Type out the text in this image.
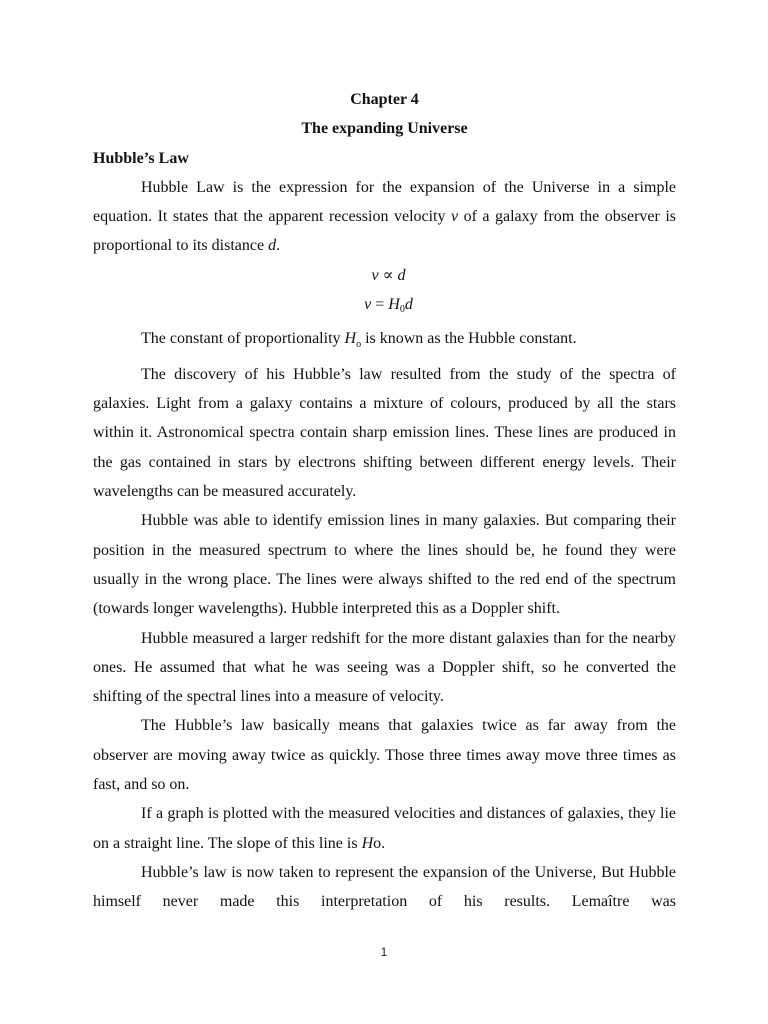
Chapter 4
The expanding Universe
Hubble’s Law

Hubble Law is the expression for the expansion of the Universe in a simple equation. It states that the apparent recession velocity v of a galaxy from the observer is proportional to its distance d.

v ∝ d
$v = H_0d$

The constant of proportionality $H_o$ is known as the Hubble constant.

The discovery of his Hubble’s law resulted from the study of the spectra of galaxies. Light from a galaxy contains a mixture of colours, produced by all the stars within it. Astronomical spectra contain sharp emission lines. These lines are produced in the gas contained in stars by electrons shifting between different energy levels. Their wavelengths can be measured accurately.

Hubble was able to identify emission lines in many galaxies. But comparing their position in the measured spectrum to where the lines should be, he found they were usually in the wrong place. The lines were always shifted to the red end of the spectrum (towards longer wavelengths). Hubble interpreted this as a Doppler shift.

Hubble measured a larger redshift for the more distant galaxies than for the nearby ones. He assumed that what he was seeing was a Doppler shift, so he converted the shifting of the spectral lines into a measure of velocity.

The Hubble’s law basically means that galaxies twice as far away from the observer are moving away twice as quickly. Those three times away move three times as fast, and so on.

If a graph is plotted with the measured velocities and distances of galaxies, they lie on a straight line. The slope of this line is Ho.

Hubble’s law is now taken to represent the expansion of the Universe, But Hubble himself never made this interpretation of his results. Lemaître was

1
